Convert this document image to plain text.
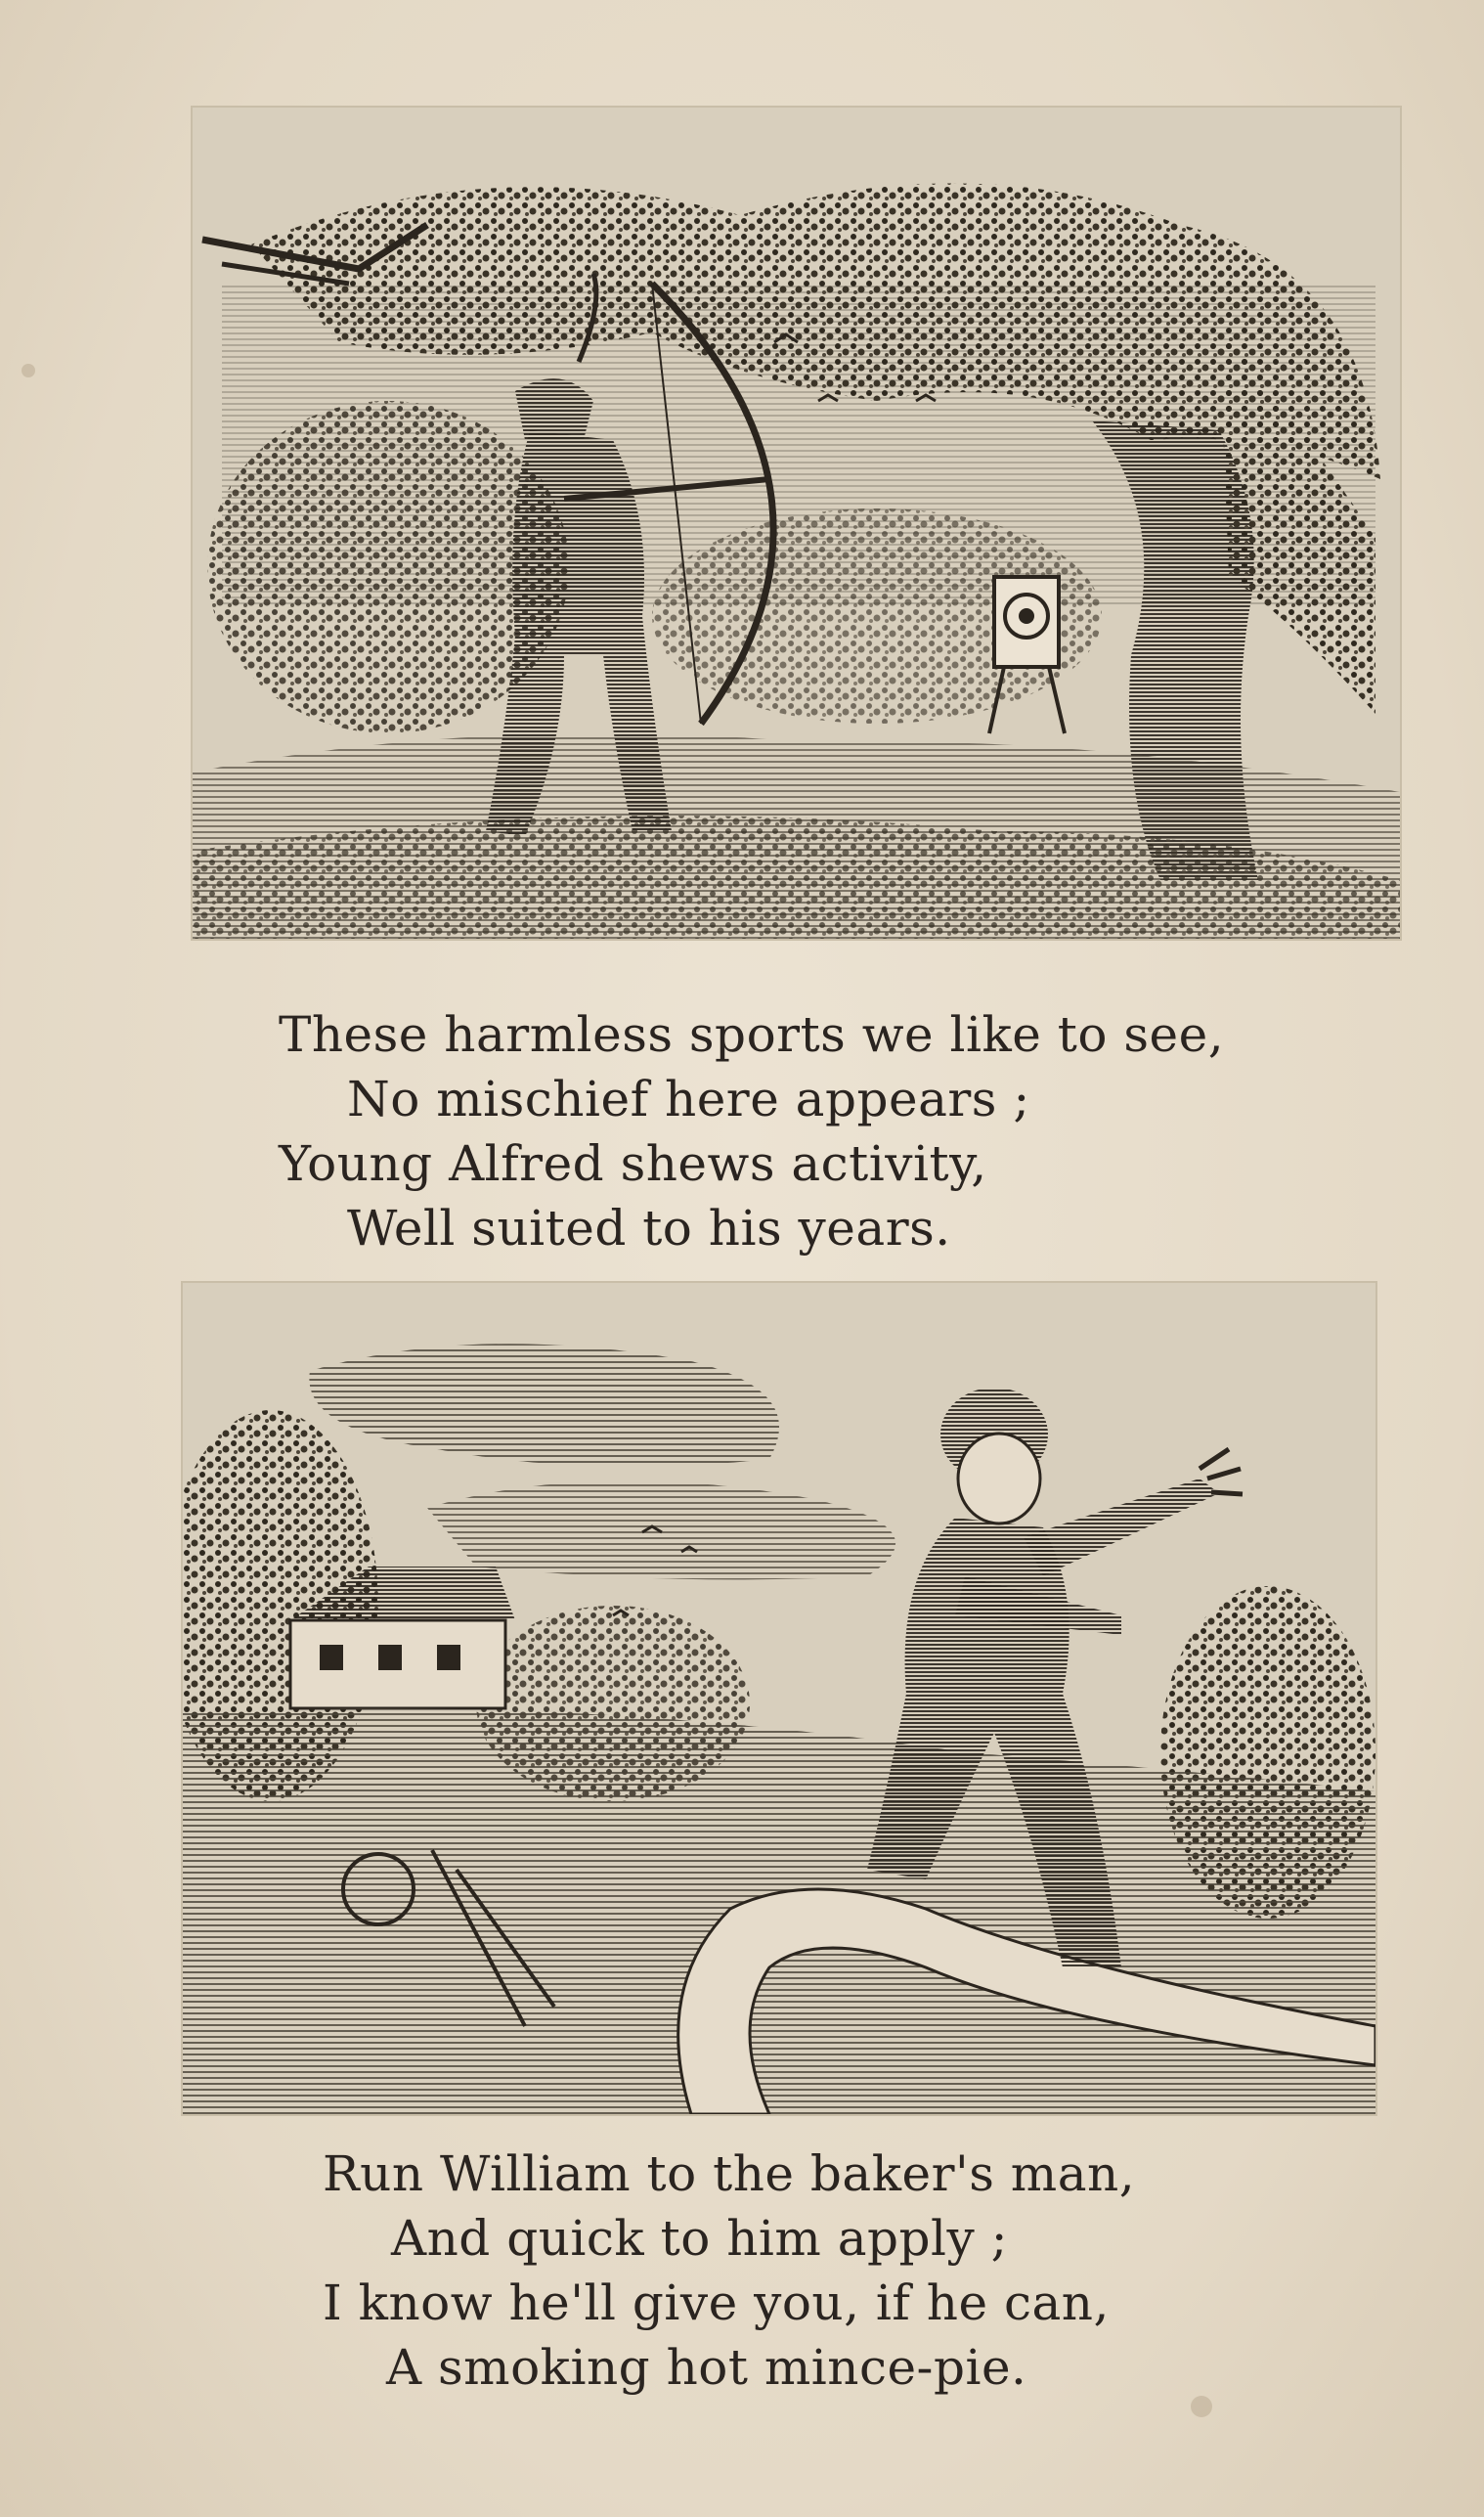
These harmless sports we like to see,
No mischief here appears ;
Young Alfred shews activity,
Well suited to his years.
Run William to the baker's man,
And quick to him apply ;
I know he'll give you, if he can,
A smoking hot mince-pie.
